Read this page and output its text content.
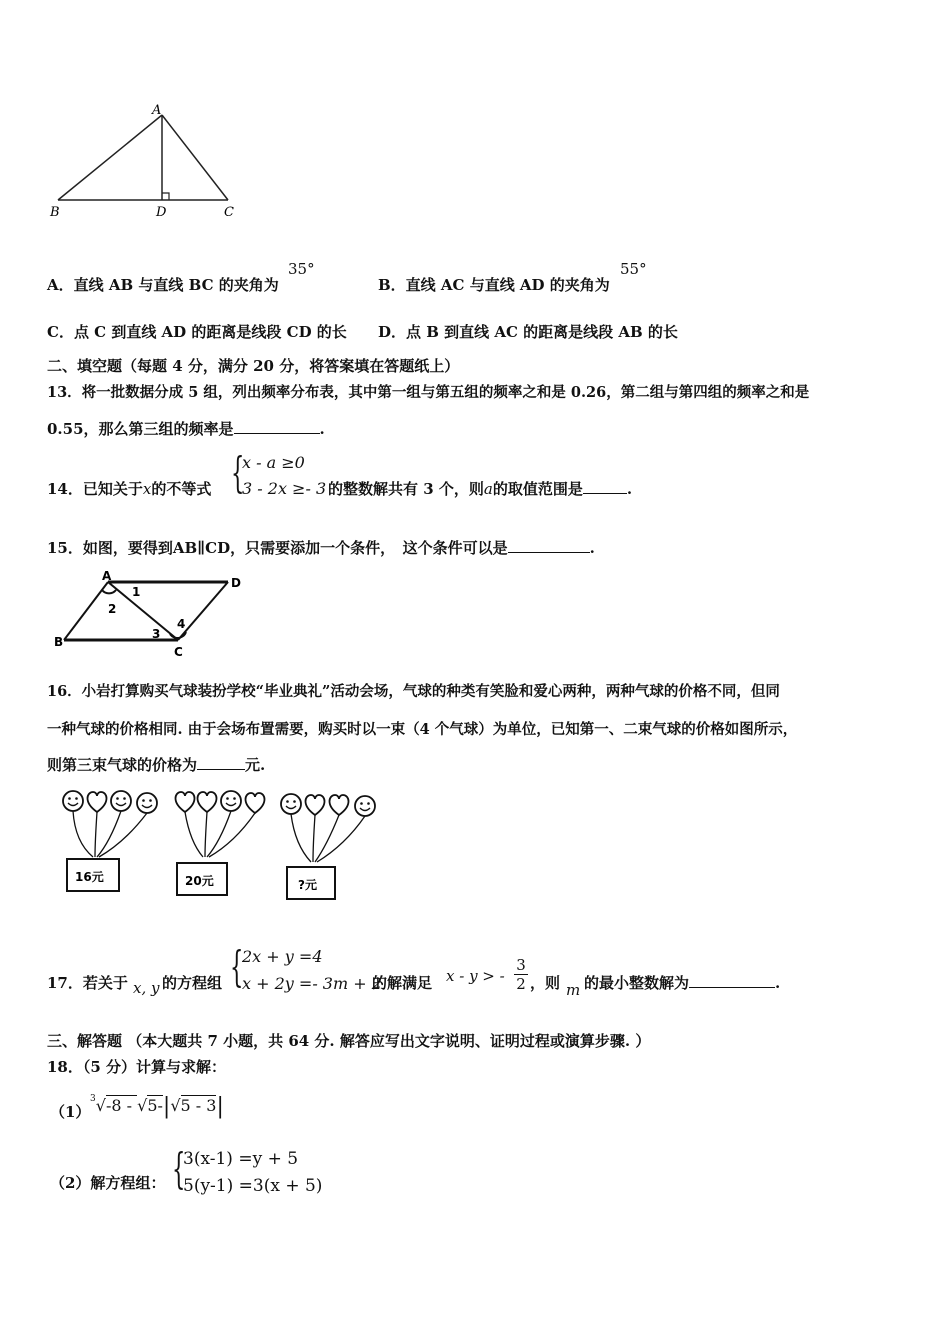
A
B	D	C
A．直线 AB 与直线 BC 的夹角为
35°
B．直线 AC 与直线 AD 的夹角为
55°
C．点 C 到直线 AD 的距离是线段 CD 的长 D．点 B 到直线 AC 的距离是线段 AB 的长
二、填空题（每题 4 分，满分 20 分，将答案填在答题纸上）
13．将一批数据分成 5 组，列出频率分布表，其中第一组与第五组的频率之和是 0.26，第二组与第四组的频率之和是
0.55，那么第三组的频率是	.
14．已知关于x的不等式 {
x - a ≥0
3 - 2x ≥- 3 的整数解共有 3 个，则a的取值范围是	.
15．如图，要得到AB∥CD，只需要添加一个条件，　这个条件可以是	.
A	D
B
C
1
2
3
4
16．小岩打算购买气球装扮学校“毕业典礼”活动会场，气球的种类有笑脸和爱心两种，两种气球的价格不同，但同
一种气球的价格相同. 由于会场布置需要，购买时以一束（4 个气球）为单位，已知第一、二束气球的价格如图所示，
则第三束气球的价格为	元.
16元	20元	?元
17．若关于 x, y 的方程组 {
2x + y =4
x + 2y =- 3m + 2
的解满足 x - y > -
3
2 ，则 m 的最小整数解为	.
三、解答题 （本大题共 7 小题，共 64 分. 解答应写出文字说明、证明过程或演算步骤. ）
18．（5 分）计算与求解：
（1）
$^3$√-8 - √5-|√5 - 3|
（2）解方程组： {
3(x-1) =y + 5
5(y-1) =3(x + 5)
